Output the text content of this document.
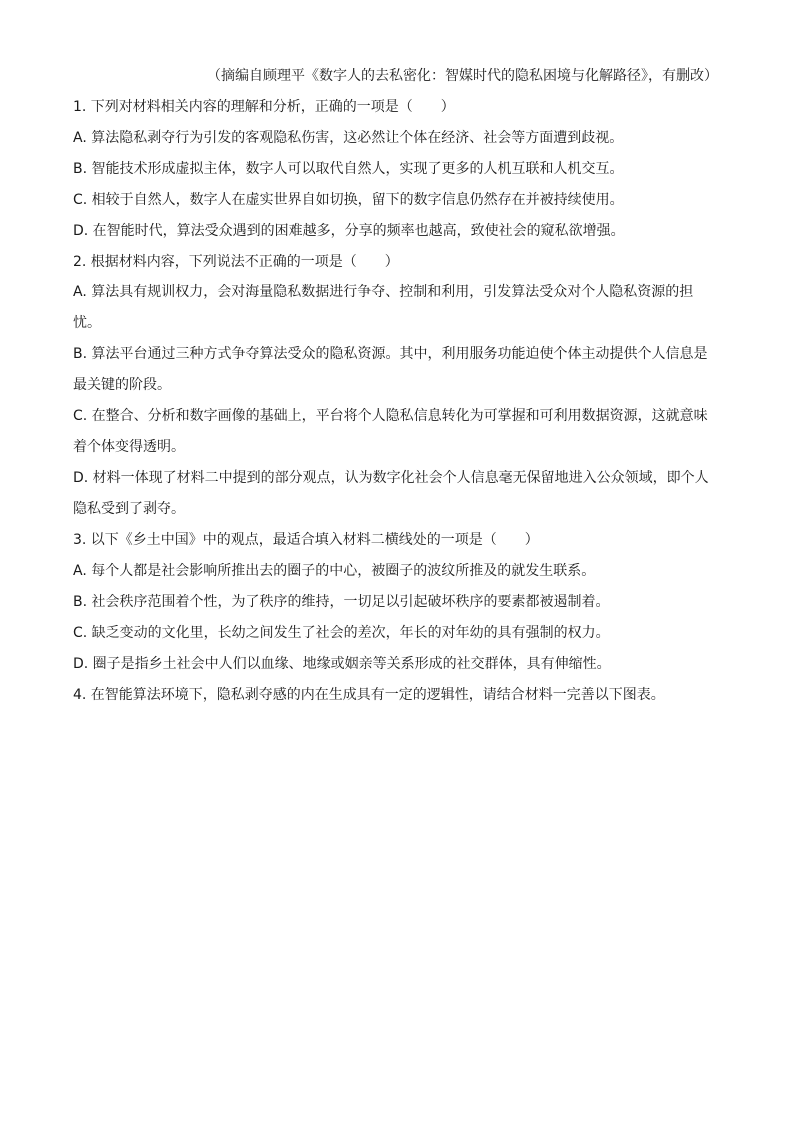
（摘编自顾理平《数字人的去私密化：智媒时代的隐私困境与化解路径》，有删改）
1. 下列对材料相关内容的理解和分析，正确的一项是（　　）
A. 算法隐私剥夺行为引发的客观隐私伤害，这必然让个体在经济、社会等方面遭到歧视。
B. 智能技术形成虚拟主体，数字人可以取代自然人，实现了更多的人机互联和人机交互。
C. 相较于自然人，数字人在虚实世界自如切换，留下的数字信息仍然存在并被持续使用。
D. 在智能时代，算法受众遇到的困难越多，分享的频率也越高，致使社会的窥私欲增强。
2. 根据材料内容，下列说法不正确的一项是（　　）
A. 算法具有规训权力，会对海量隐私数据进行争夺、控制和利用，引发算法受众对个人隐私资源的担
忧。
B. 算法平台通过三种方式争夺算法受众的隐私资源。其中，利用服务功能迫使个体主动提供个人信息是
最关键的阶段。
C. 在整合、分析和数字画像的基础上，平台将个人隐私信息转化为可掌握和可利用数据资源，这就意味
着个体变得透明。
D. 材料一体现了材料二中提到的部分观点，认为数字化社会个人信息毫无保留地进入公众领域，即个人
隐私受到了剥夺。
3. 以下《乡土中国》中的观点，最适合填入材料二横线处的一项是（　　）
A. 每个人都是社会影响所推出去的圈子的中心，被圈子的波纹所推及的就发生联系。
B. 社会秩序范围着个性，为了秩序的维持，一切足以引起破坏秩序的要素都被遏制着。
C. 缺乏变动的文化里，长幼之间发生了社会的差次，年长的对年幼的具有强制的权力。
D. 圈子是指乡土社会中人们以血缘、地缘或姻亲等关系形成的社交群体，具有伸缩性。
4. 在智能算法环境下，隐私剥夺感的内在生成具有一定的逻辑性，请结合材料一完善以下图表。
